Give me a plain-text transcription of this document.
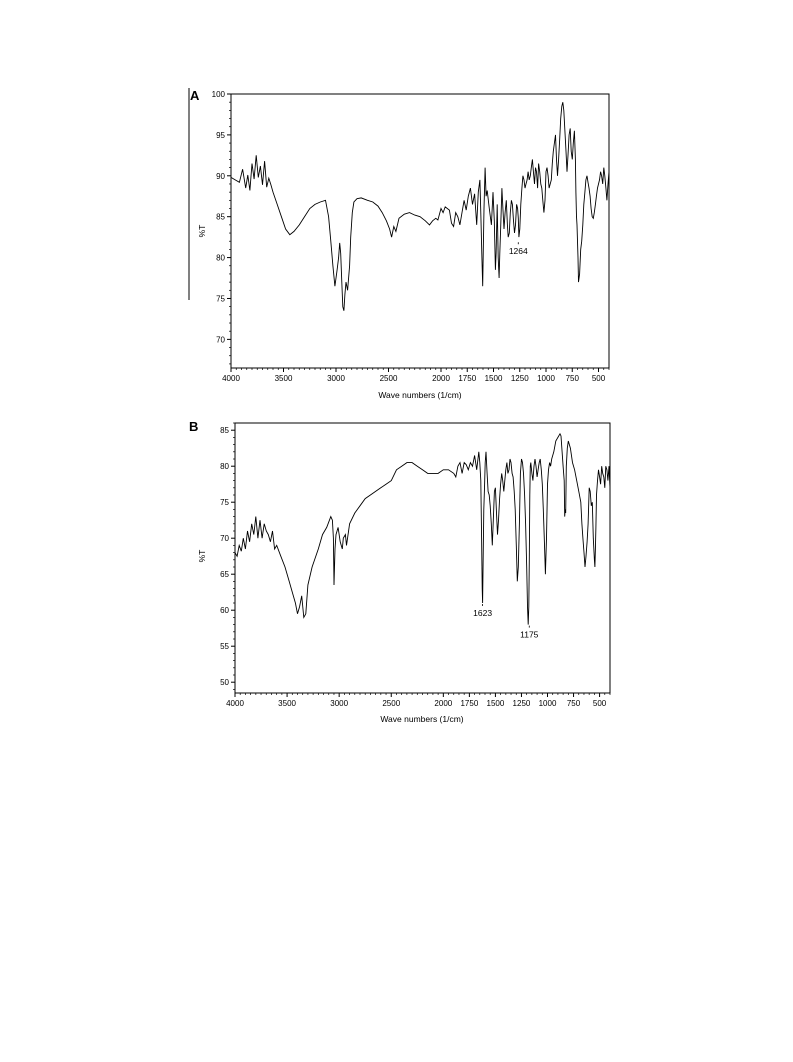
A
4000	3500	3000	2500	2000 1750 1500 1250 1000 750 500
70
75
80
85
90
95
100
1264
Wave numbers (1/cm)
%T
B
4000	3500	3000	2500	2000 1750 1500 1250 1000 750 500
50
55
60
65
70
75
80
85
1623
1175
Wave numbers (1/cm)
%T
